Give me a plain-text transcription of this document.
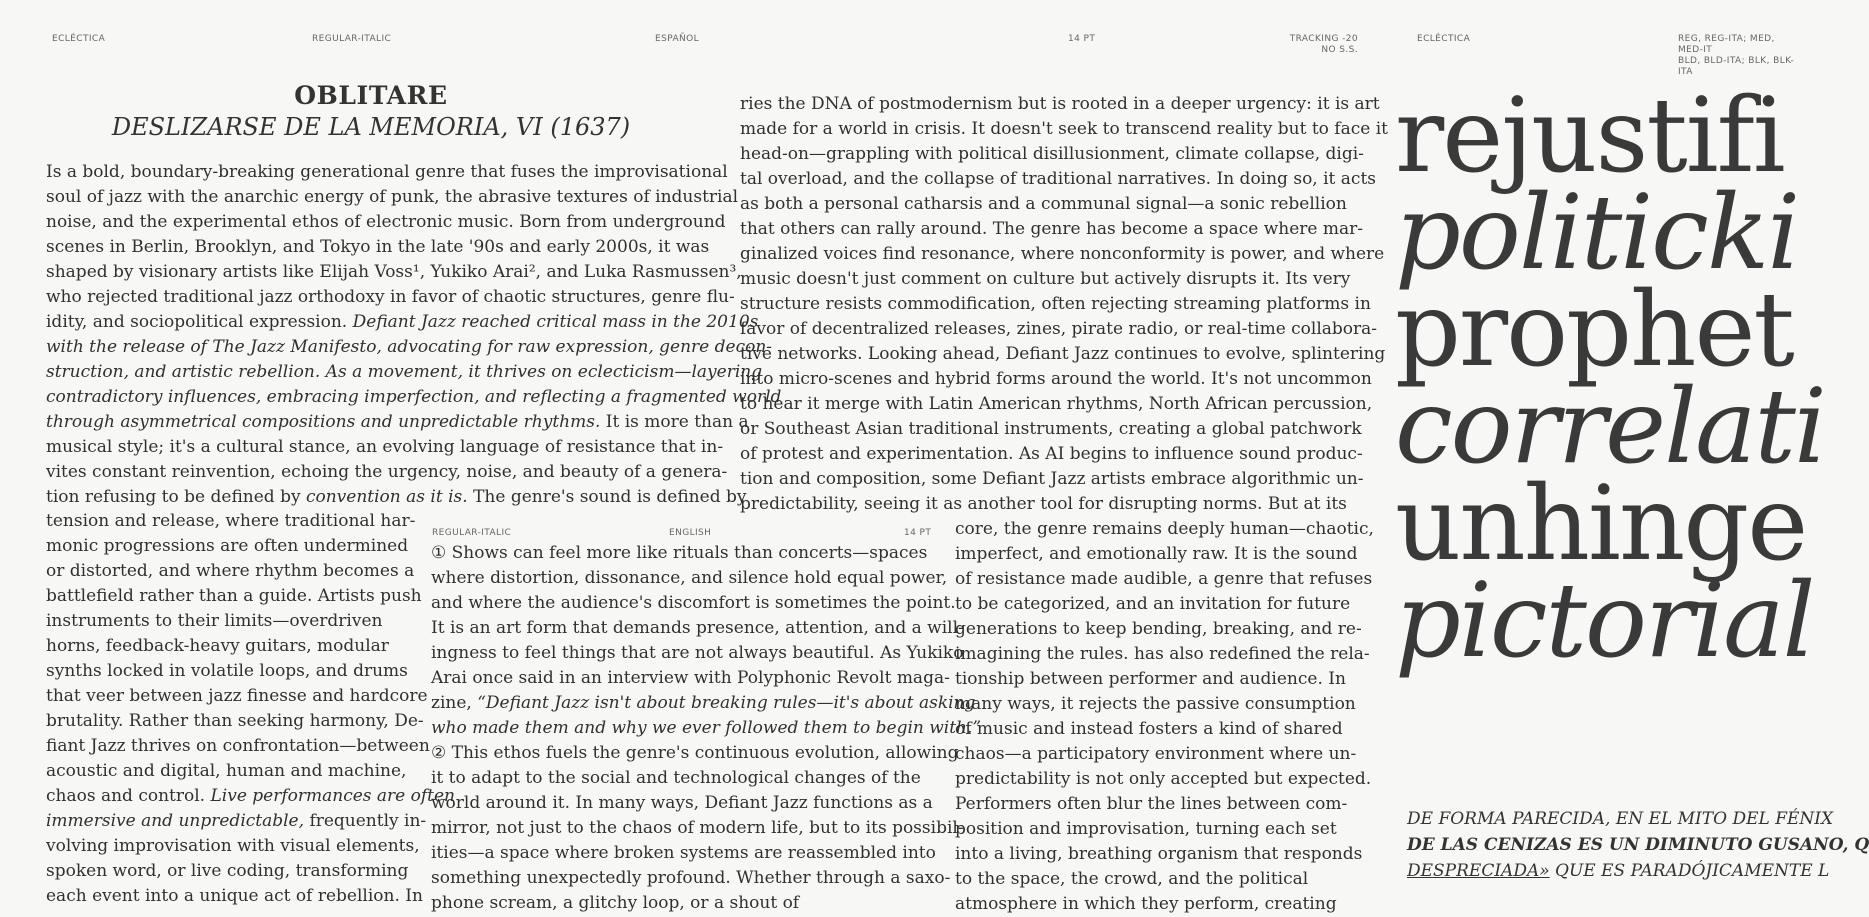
ECLÉCTICA	REGULAR-ITALIC	ESPAÑOL	14 PT	TRACKING -20
NO S.S.
ECLÉCTICA	REG, REG-ITA; MED, MED-IT
BLD, BLD-ITA; BLK, BLK-ITA
OBLITARE
DESLIZARSE DE LA MEMORIA, VI (1637)

Is a bold, boundary-breaking generational genre that fuses the improvisational

soul of jazz with the anarchic energy of punk, the abrasive textures of industrial

noise, and the experimental ethos of electronic music. Born from underground

scenes in Berlin, Brooklyn, and Tokyo in the late '90s and early 2000s, it was

shaped by visionary artists like Elijah Voss¹, Yukiko Arai², and Luka Rasmussen³,

who rejected traditional jazz orthodoxy in favor of chaotic structures, genre flu-

idity, and sociopolitical expression. Defiant Jazz reached critical mass in the 2010s

with the release of The Jazz Manifesto, advocating for raw expression, genre decon-

struction, and artistic rebellion. As a movement, it thrives on eclecticism—layering

contradictory influences, embracing imperfection, and reflecting a fragmented world

through asymmetrical compositions and unpredictable rhythms. It is more than a

musical style; it's a cultural stance, an evolving language of resistance that in-

vites constant reinvention, echoing the urgency, noise, and beauty of a genera-

tion refusing to be defined by convention as it is. The genre's sound is defined by

tension and release, where traditional har-

monic progressions are often undermined

or distorted, and where rhythm becomes a

battlefield rather than a guide. Artists push

instruments to their limits—overdriven

horns, feedback-heavy guitars, modular

synths locked in volatile loops, and drums

that veer between jazz finesse and hardcore

brutality. Rather than seeking harmony, De-

fiant Jazz thrives on confrontation—between

acoustic and digital, human and machine,

chaos and control. Live performances are often

immersive and unpredictable, frequently in-

volving improvisation with visual elements,

spoken word, or live coding, transforming

each event into a unique act of rebellion. In

ries the DNA of postmodernism but is rooted in a deeper urgency: it is art

made for a world in crisis. It doesn't seek to transcend reality but to face it

head-on—grappling with political disillusionment, climate collapse, digi-

tal overload, and the collapse of traditional narratives. In doing so, it acts

as both a personal catharsis and a communal signal—a sonic rebellion

that others can rally around. The genre has become a space where mar-

ginalized voices find resonance, where nonconformity is power, and where

music doesn't just comment on culture but actively disrupts it. Its very

structure resists commodification, often rejecting streaming platforms in

favor of decentralized releases, zines, pirate radio, or real-time collabora-

tive networks. Looking ahead, Defiant Jazz continues to evolve, splintering

into micro-scenes and hybrid forms around the world. It's not uncommon

to hear it merge with Latin American rhythms, North African percussion,

or Southeast Asian traditional instruments, creating a global patchwork

of protest and experimentation. As AI begins to influence sound produc-

tion and composition, some Defiant Jazz artists embrace algorithmic un-

predictability, seeing it as another tool for disrupting norms. But at its

REGULAR-ITALIC	ENGLISH	14 PT

① Shows can feel more like rituals than concerts—spaces

where distortion, dissonance, and silence hold equal power,

and where the audience's discomfort is sometimes the point.

It is an art form that demands presence, attention, and a will-

ingness to feel things that are not always beautiful. As Yukiko

Arai once said in an interview with Polyphonic Revolt maga-

zine, “Defiant Jazz isn't about breaking rules—it's about asking

who made them and why we ever followed them to begin with.”

② This ethos fuels the genre's continuous evolution, allowing

it to adapt to the social and technological changes of the

world around it. In many ways, Defiant Jazz functions as a

mirror, not just to the chaos of modern life, but to its possibil-

ities—a space where broken systems are reassembled into

something unexpectedly profound. Whether through a saxo-

phone scream, a glitchy loop, or a shout of

core, the genre remains deeply human—chaotic,

imperfect, and emotionally raw. It is the sound

of resistance made audible, a genre that refuses

to be categorized, and an invitation for future

generations to keep bending, breaking, and re-

imagining the rules. has also redefined the rela-

tionship between performer and audience. In

many ways, it rejects the passive consumption

of music and instead fosters a kind of shared

chaos—a participatory environment where un-

predictability is not only accepted but expected.

Performers often blur the lines between com-

position and improvisation, turning each set

into a living, breathing organism that responds

to the space, the crowd, and the political

atmosphere in which they perform, creating

rejustifi
politicki
prophet
correlati
unhinge
pictorial
DE FORMA PARECIDA, EN EL MITO DEL FÉNIX
DE LAS CENIZAS ES UN DIMINUTO GUSANO, Q
DESPRECIADA» QUE ES PARADÓJICAMENTE L
